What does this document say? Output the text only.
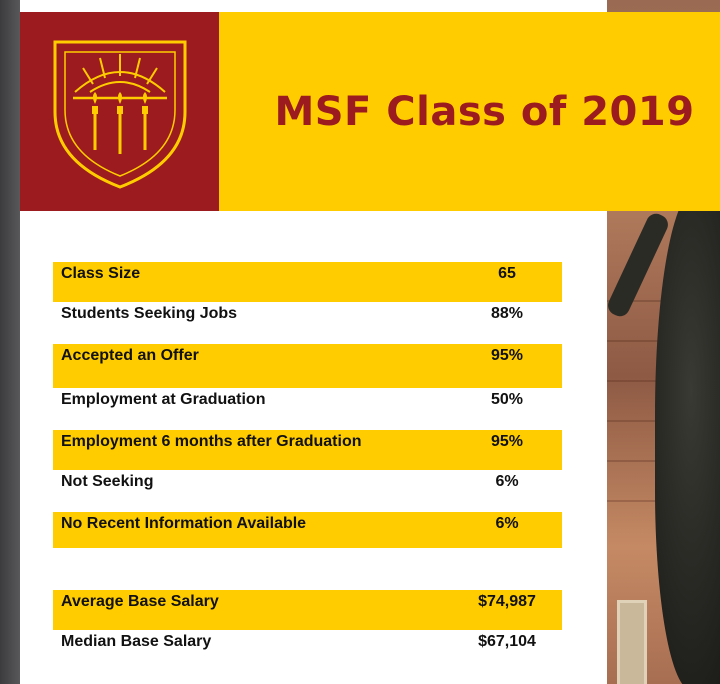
MSF Class of 2019
Class Size	65
Students Seeking Jobs	88%
Accepted an Offer	95%
Employment at Graduation	50%
Employment 6 months after Graduation	95%
Not Seeking	6%
No Recent Information Available	6%
Average Base Salary	$74,987
Median Base Salary	$67,104
